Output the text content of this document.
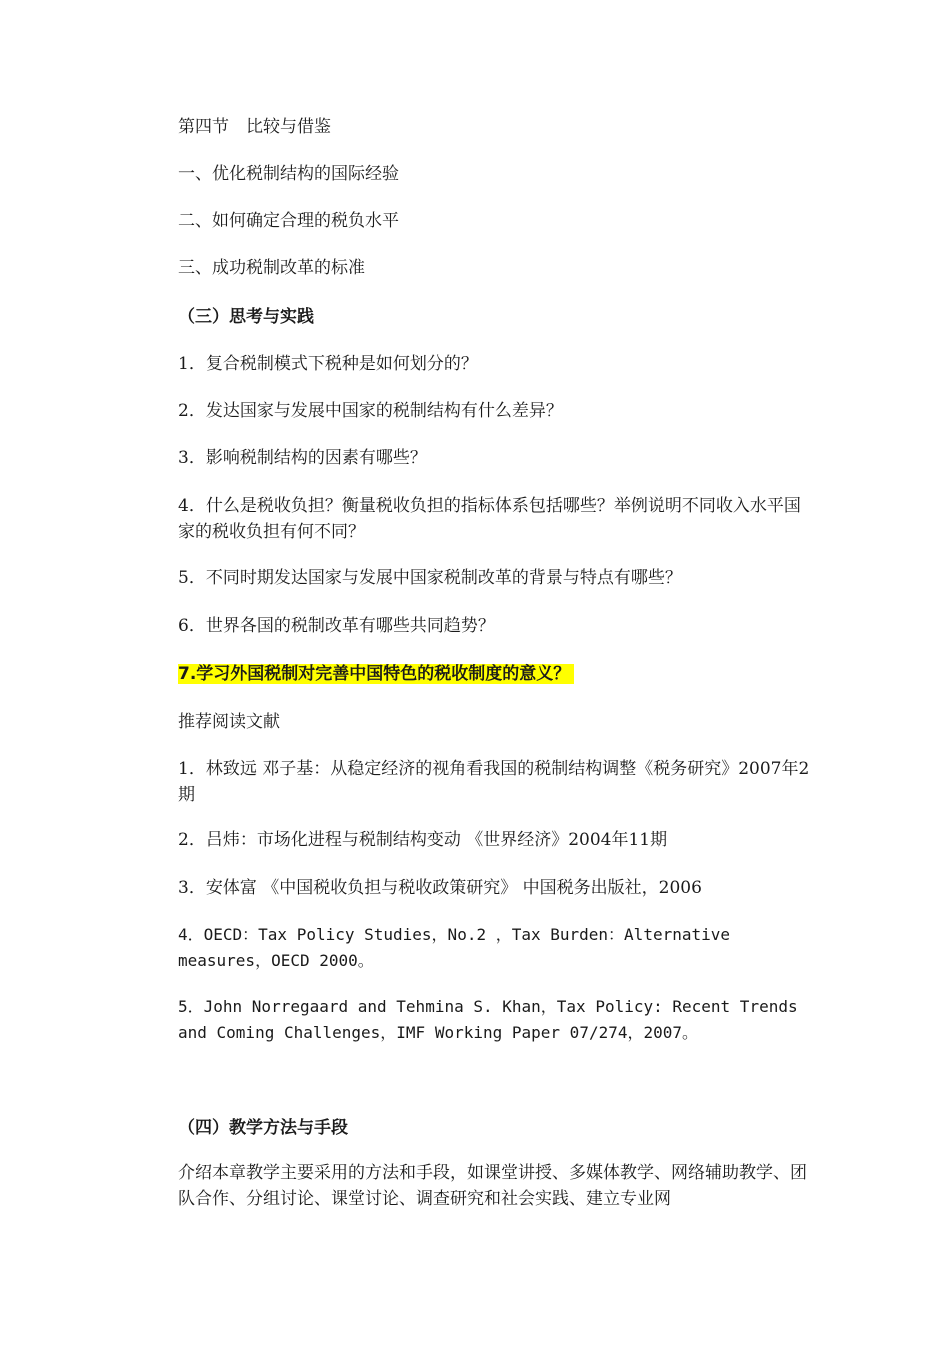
第四节　比较与借鉴
一、优化税制结构的国际经验
二、如何确定合理的税负水平
三、成功税制改革的标准
（三）思考与实践
1．复合税制模式下税种是如何划分的？
2．发达国家与发展中国家的税制结构有什么差异？
3．影响税制结构的因素有哪些？
4．什么是税收负担？衡量税收负担的指标体系包括哪些？举例说明不同收入水平国家的税收负担有何不同？
5．不同时期发达国家与发展中国家税制改革的背景与特点有哪些？
6．世界各国的税制改革有哪些共同趋势？
7.学习外国税制对完善中国特色的税收制度的意义？
推荐阅读文献
1．林致远 邓子基：从稳定经济的视角看我国的税制结构调整《税务研究》2007年2期
2．吕炜：市场化进程与税制结构变动 《世界经济》2004年11期
3．安体富 《中国税收负担与税收政策研究》 中国税务出版社，2006
4．OECD：Tax Policy Studies，No.2 ，Tax Burden：Alternative measures，OECD 2000。
5．John Norregaard and Tehmina S. Khan，Tax Policy: Recent Trends and Coming Challenges，IMF Working Paper 07/274，2007。
（四）教学方法与手段
介绍本章教学主要采用的方法和手段，如课堂讲授、多媒体教学、网络辅助教学、团队合作、分组讨论、课堂讨论、调查研究和社会实践、建立专业网
